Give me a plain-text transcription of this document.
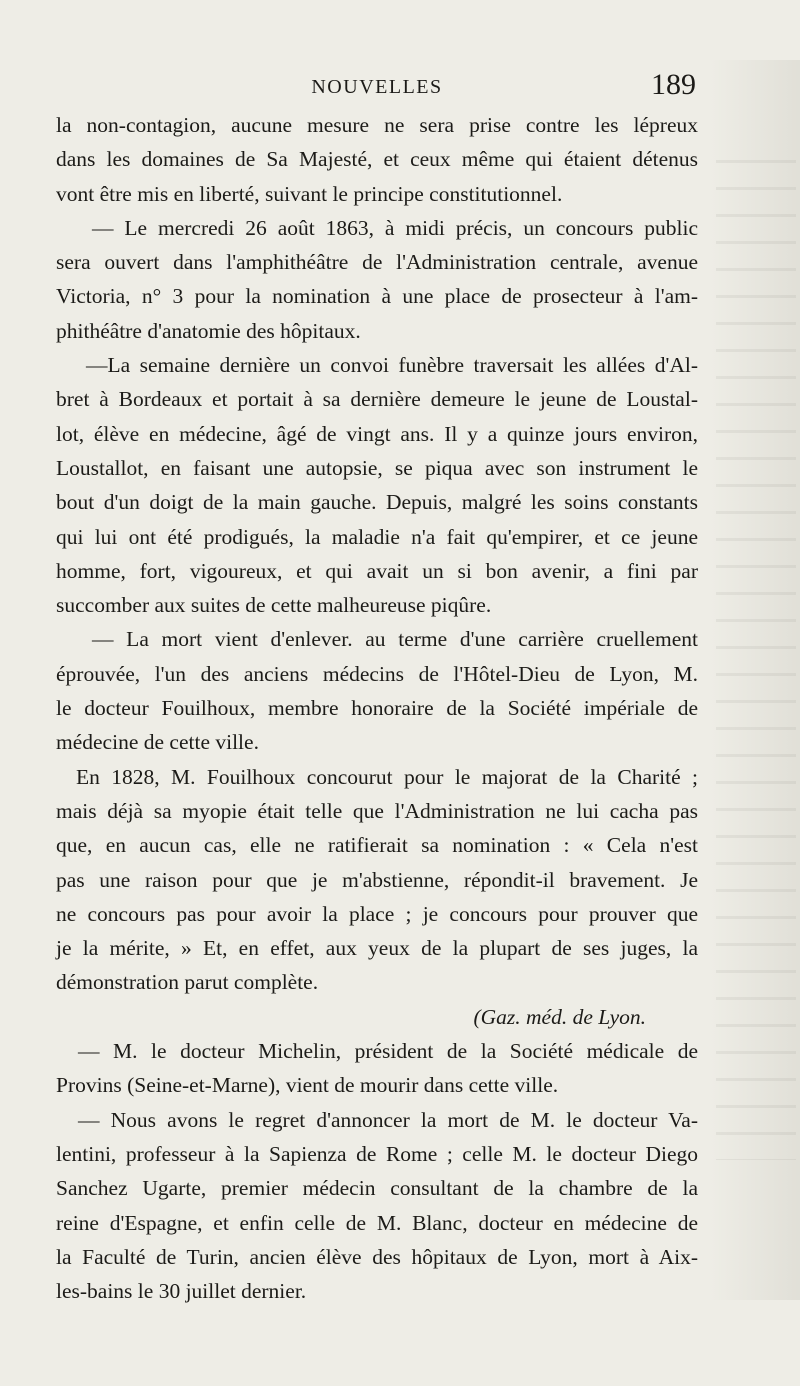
NOUVELLES	189

la non-contagion, aucune mesure ne sera prise contre les lépreux
dans les domaines de Sa Majesté, et ceux même qui étaient détenus
vont être mis en liberté, suivant le principe constitutionnel.

— Le mercredi 26 août 1863, à midi précis, un concours public
sera ouvert dans l'amphithéâtre de l'Administration centrale, avenue
Victoria, n° 3 pour la nomination à une place de prosecteur à l'am-
phithéâtre d'anatomie des hôpitaux.

—La semaine dernière un convoi funèbre traversait les allées d'Al-
bret à Bordeaux et portait à sa dernière demeure le jeune de Loustal-
lot, élève en médecine, âgé de vingt ans. Il y a quinze jours environ,
Loustallot, en faisant une autopsie, se piqua avec son instrument le
bout d'un doigt de la main gauche. Depuis, malgré les soins constants
qui lui ont été prodigués, la maladie n'a fait qu'empirer, et ce jeune
homme, fort, vigoureux, et qui avait un si bon avenir, a fini par
succomber aux suites de cette malheureuse piqûre.

— La mort vient d'enlever. au terme d'une carrière cruellement
éprouvée, l'un des anciens médecins de l'Hôtel-Dieu de Lyon, M.
le docteur Fouilhoux, membre honoraire de la Société impériale de
médecine de cette ville.

En 1828, M. Fouilhoux concourut pour le majorat de la Charité ;
mais déjà sa myopie était telle que l'Administration ne lui cacha pas
que, en aucun cas, elle ne ratifierait sa nomination : « Cela n'est
pas une raison pour que je m'abstienne, répondit-il bravement. Je
ne concours pas pour avoir la place ; je concours pour prouver que
je la mérite, » Et, en effet, aux yeux de la plupart de ses juges, la
démonstration parut complète.

(Gaz. méd. de Lyon.

— M. le docteur Michelin, président de la Société médicale de
Provins (Seine-et-Marne), vient de mourir dans cette ville.

— Nous avons le regret d'annoncer la mort de M. le docteur Va-
lentini, professeur à la Sapienza de Rome ; celle M. le docteur Diego
Sanchez Ugarte, premier médecin consultant de la chambre de la
reine d'Espagne, et enfin celle de M. Blanc, docteur en médecine de
la Faculté de Turin, ancien élève des hôpitaux de Lyon, mort à Aix-
les-bains le 30 juillet dernier.
